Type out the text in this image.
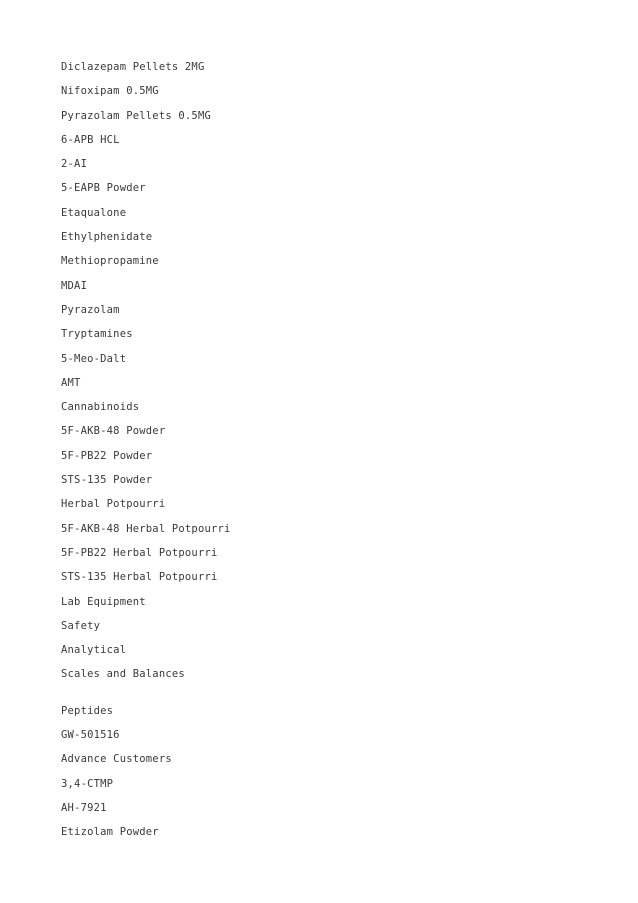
Diclazepam Pellets 2MG
Nifoxipam 0.5MG
Pyrazolam Pellets 0.5MG
6-APB HCL
2-AI
5-EAPB Powder
Etaqualone
Ethylphenidate
Methiopropamine
MDAI
Pyrazolam
Tryptamines
5-Meo-Dalt
AMT
Cannabinoids
5F-AKB-48 Powder
5F-PB22 Powder
STS-135 Powder
Herbal Potpourri
5F-AKB-48 Herbal Potpourri
5F-PB22 Herbal Potpourri
STS-135 Herbal Potpourri
Lab Equipment
Safety
Analytical
Scales and Balances
Peptides
GW-501516
Advance Customers
3,4-CTMP
AH-7921
Etizolam Powder
